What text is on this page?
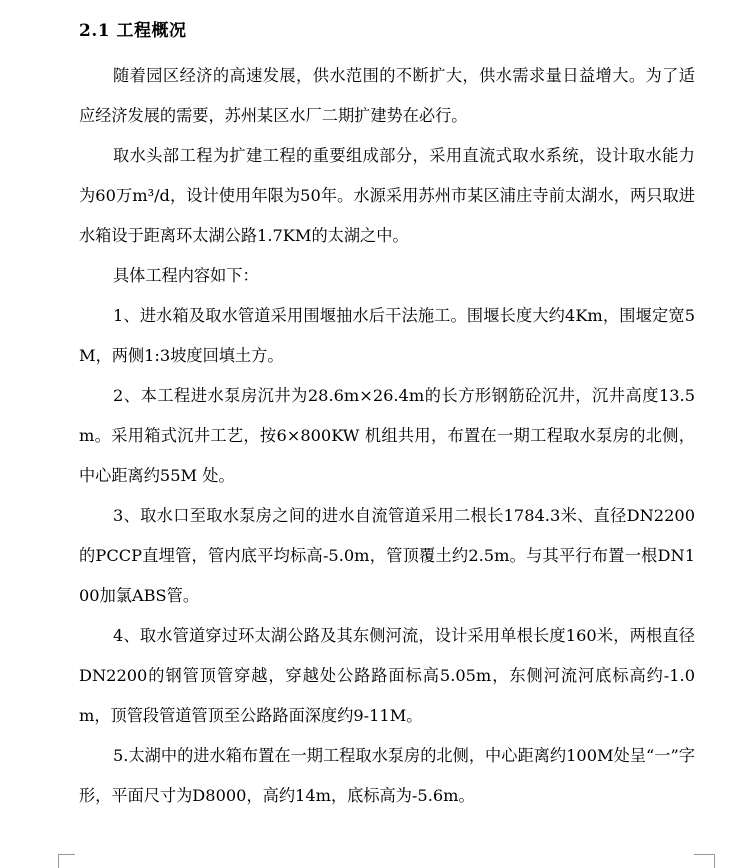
2.1 工程概况

随着园区经济的高速发展，供水范围的不断扩大，供水需求量日益增大。为了适应经济发展的需要，苏州某区水厂二期扩建势在必行。

取水头部工程为扩建工程的重要组成部分，采用直流式取水系统，设计取水能力为60万m³/d，设计使用年限为50年。水源采用苏州市某区浦庄寺前太湖水，两只取进水箱设于距离环太湖公路1.7KM的太湖之中。

具体工程内容如下：

1、进水箱及取水管道采用围堰抽水后干法施工。围堰长度大约4Km，围堰定宽5M，两侧1:3坡度回填土方。

2、本工程进水泵房沉井为28.6m×26.4m的长方形钢筋砼沉井，沉井高度13.5m。采用箱式沉井工艺，按6×800KW 机组共用，布置在一期工程取水泵房的北侧，中心距离约55M 处。

3、取水口至取水泵房之间的进水自流管道采用二根长1784.3米、直径DN2200的PCCP直埋管，管内底平均标高-5.0m，管顶覆土约2.5m。与其平行布置一根DN100加氯ABS管。

4、取水管道穿过环太湖公路及其东侧河流，设计采用单根长度160米，两根直径DN2200的钢管顶管穿越，穿越处公路路面标高5.05m，东侧河流河底标高约-1.0m，顶管段管道管顶至公路路面深度约9-11M。

5.太湖中的进水箱布置在一期工程取水泵房的北侧，中心距离约100M处呈“一”字形，平面尺寸为D8000，高约14m，底标高为-5.6m。
